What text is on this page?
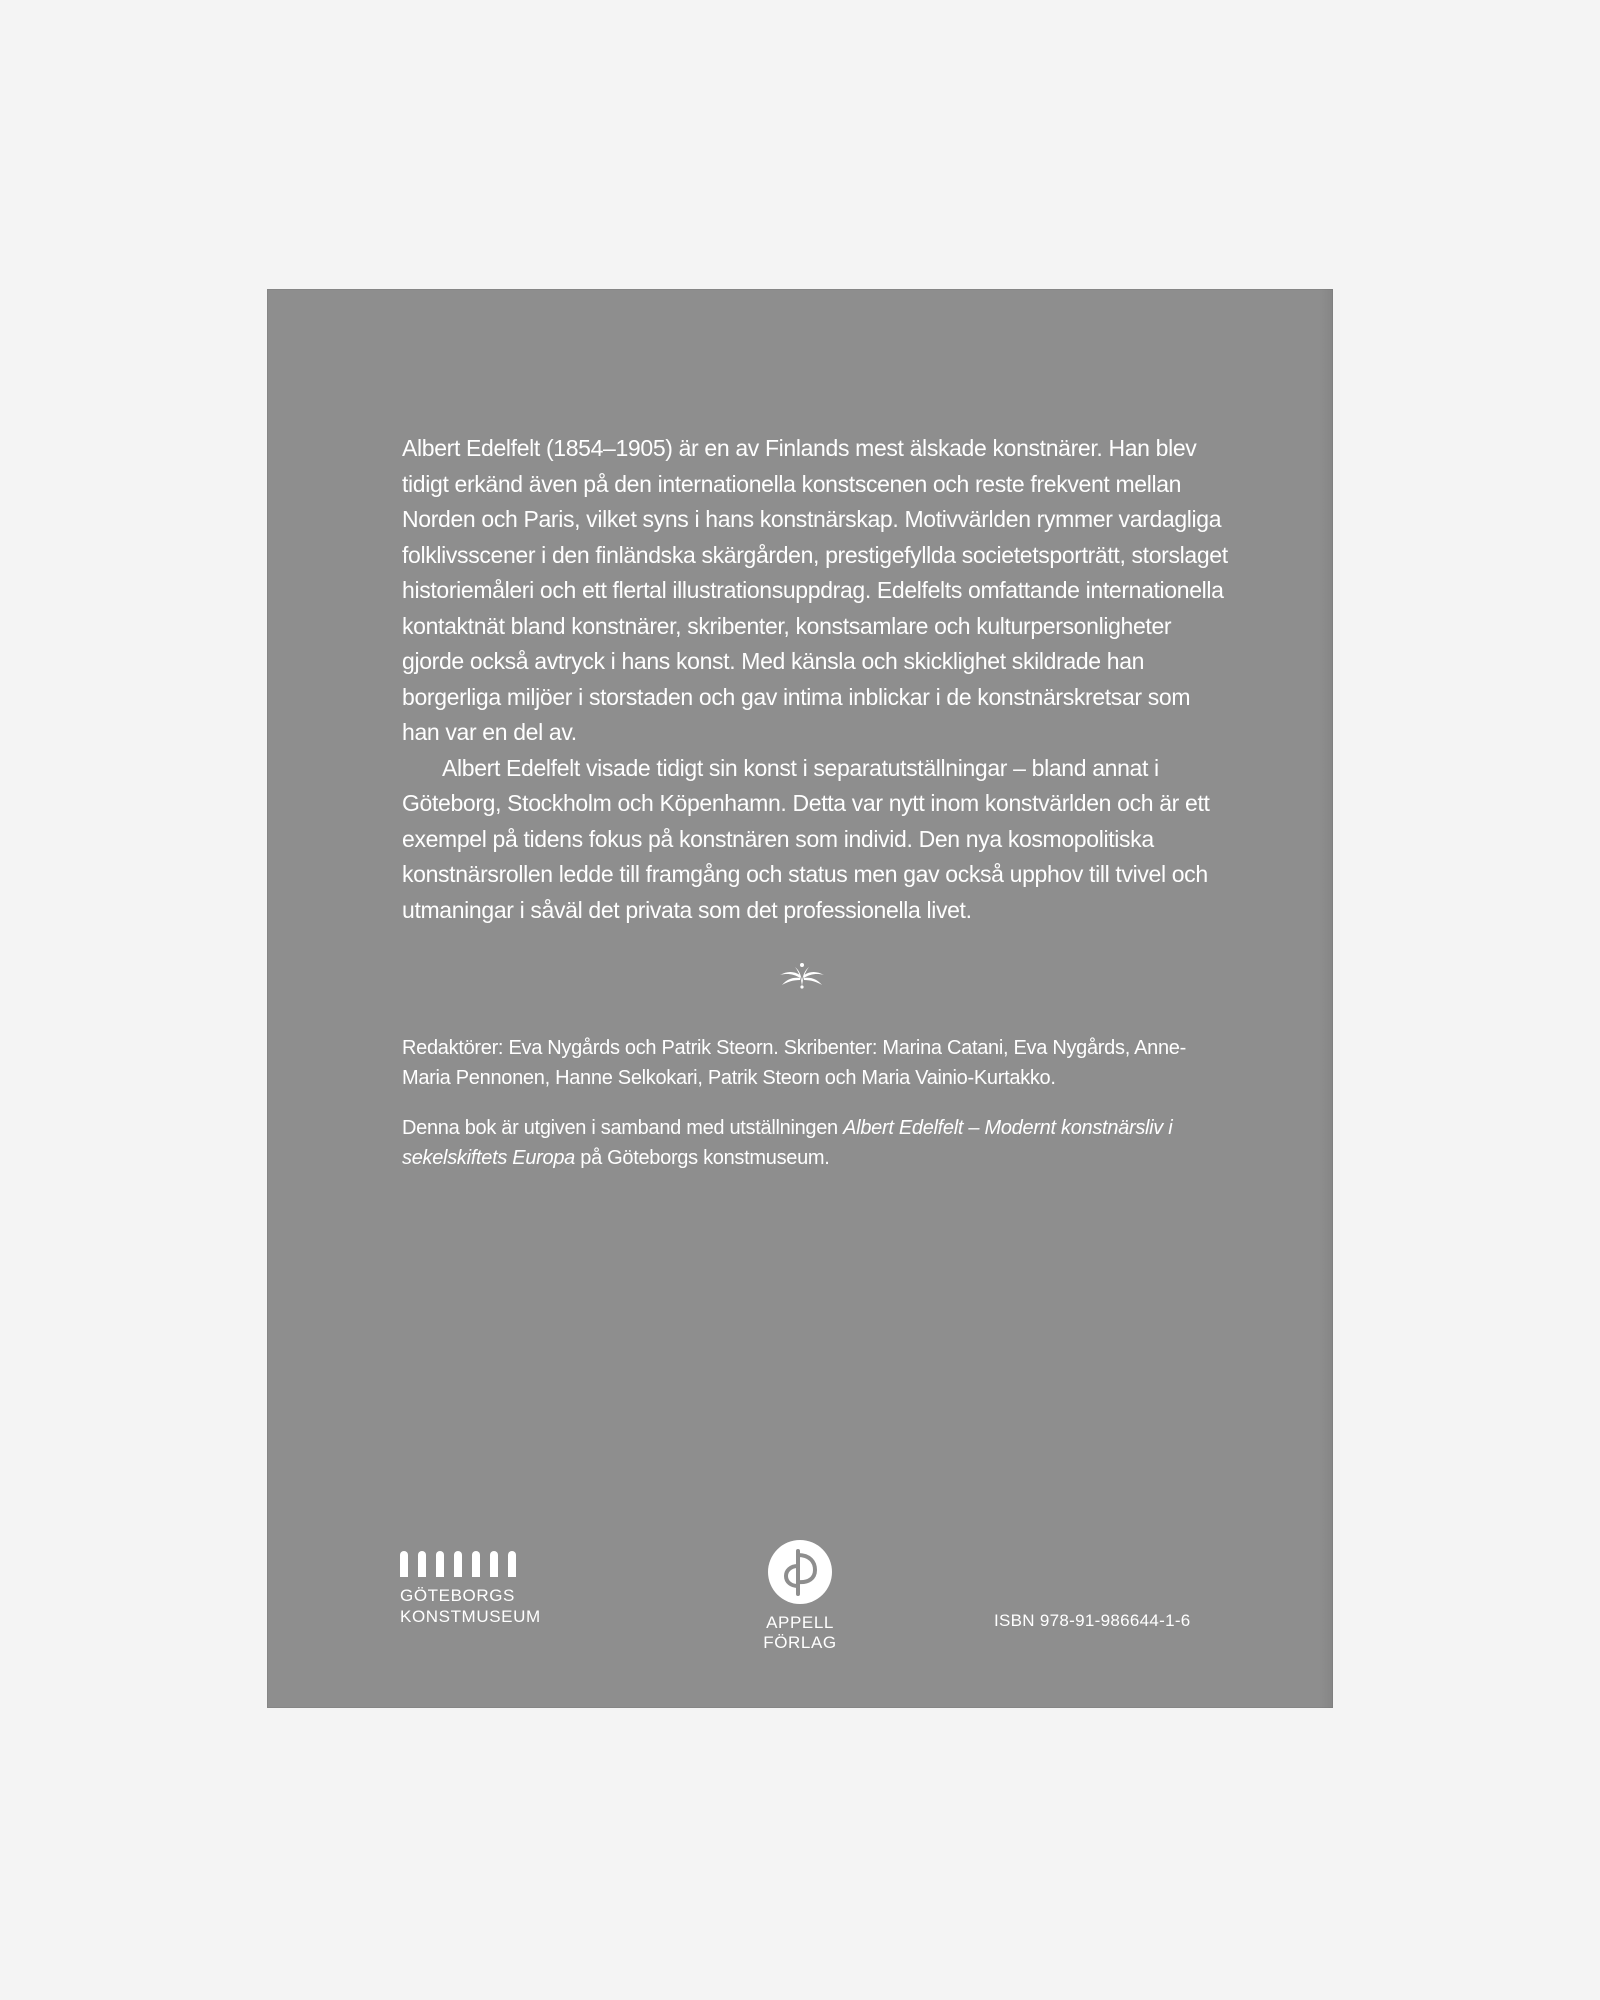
Albert Edelfelt (1854–1905) är en av Finlands mest älskade konstnärer. Han blev tidigt erkänd även på den internationella konstscenen och reste frekvent mellan Norden och Paris, vilket syns i hans konstnärskap. Motivvärlden rymmer vardagliga folklivsscener i den finländska skärgården, prestigefyllda societetsporträtt, storslaget historiemåleri och ett flertal illustrationsuppdrag. Edelfelts omfattande internationella kontaktnät bland konstnärer, skribenter, konstsamlare och kulturpersonligheter gjorde också avtryck i hans konst. Med känsla och skicklighet skildrade han borgerliga miljöer i storstaden och gav intima inblickar i de konstnärskretsar som han var en del av.

Albert Edelfelt visade tidigt sin konst i separatutställningar – bland annat i Göteborg, Stockholm och Köpenhamn. Detta var nytt inom konstvärlden och är ett exempel på tidens fokus på konstnären som individ. Den nya kosmopolitiska konstnärsrollen ledde till framgång och status men gav också upphov till tvivel och utmaningar i såväl det privata som det professionella livet.

Redaktörer: Eva Nygårds och Patrik Steorn. Skribenter: Marina Catani, Eva Nygårds, Anne-Maria Pennonen, Hanne Selkokari, Patrik Steorn och Maria Vainio-Kurtakko.

Denna bok är utgiven i samband med utställningen Albert Edelfelt – Modernt konstnärsliv i sekelskiftets Europa på Göteborgs konstmuseum.

GÖTEBORGS
KONSTMUSEUM	APPELL FÖRLAG
ISBN 978-91-986644-1-6
